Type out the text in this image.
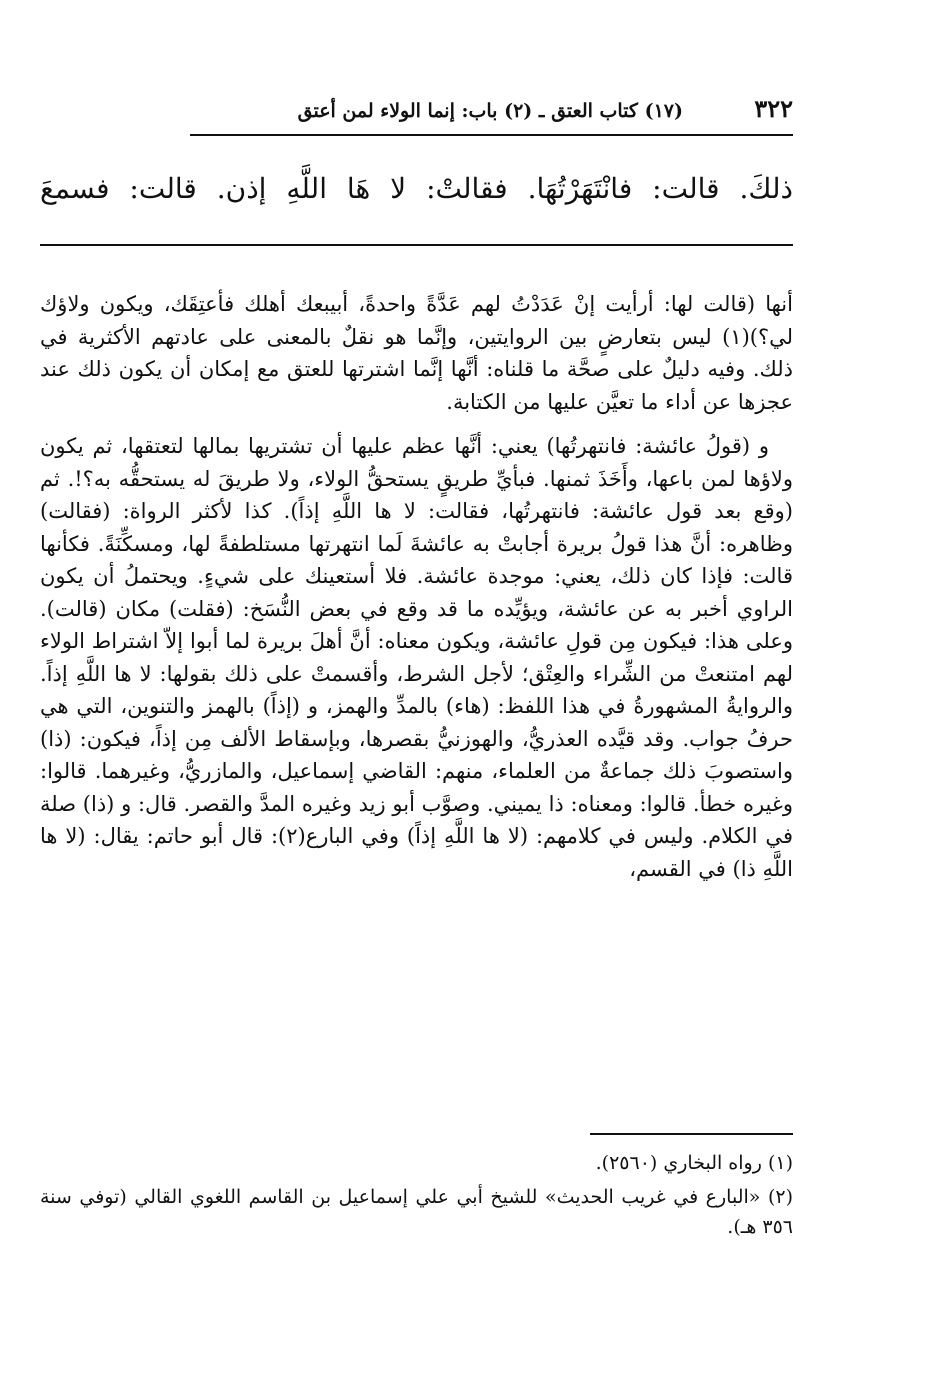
٣٢٢
(١٧) كتاب العتق ـ (٢) باب: إنما الولاء لمن أعتق
ذلكَ. قالت: فانْتَهَرْتُهَا. فقالتْ: لا هَا اللَّهِ إذن. قالت: فسمعَ

أنها (قالت لها: أرأيت إنْ عَدَدْتُ لهم عَدَّةً واحدةً، أبيبعك أهلك فأعتِقَك، ويكون ولاؤك لي؟)(١) ليس بتعارضٍ بين الروايتين، وإنَّما هو نقلٌ بالمعنى على عادتهم الأكثرية في ذلك. وفيه دليلٌ على صحَّة ما قلناه: أنَّها إنَّما اشترتها للعتق مع إمكان أن يكون ذلك عند عجزها عن أداء ما تعيَّن عليها من الكتابة.

و (قولُ عائشة: فانتهرتُها) يعني: أنَّها عظم عليها أن تشتريها بمالها لتعتقها، ثم يكون ولاؤها لمن باعها، وأَخَذَ ثمنها. فبأيِّ طريقٍ يستحقُّ الولاء، ولا طريقَ له يستحقُّه به؟!. ثم (وقع بعد قول عائشة: فانتهرتُها، فقالت: لا ها اللَّهِ إذاً). كذا لأكثر الرواة: (فقالت) وظاهره: أنَّ هذا قولُ بريرة أجابتْ به عائشةَ لَما انتهرتها مستلطفةً لها، ومسكِّنَةً. فكأنها قالت: فإذا كان ذلك، يعني: موجدة عائشة. فلا أستعينك على شيءٍ. ويحتملُ أن يكون الراوي أخبر به عن عائشة، ويؤيِّده ما قد وقع في بعض النُّسَخ: (فقلت) مكان (قالت). وعلى هذا: فيكون مِن قولِ عائشة، ويكون معناه: أنَّ أهلَ بريرة لما أبوا إلاّ اشتراط الولاء لهم امتنعتْ من الشِّراء والعِتْق؛ لأجل الشرط، وأقسمتْ على ذلك بقولها: لا ها اللَّهِ إذاً. والروايةُ المشهورةُ في هذا اللفظ: (هاء) بالمدِّ والهمز، و (إذاً) بالهمز والتنوين، التي هي حرفُ جواب. وقد قيَّده العذريُّ، والهوزنيُّ بقصرها، وبإسقاط الألف مِن إذاً، فيكون: (ذا) واستصوبَ ذلك جماعةٌ من العلماء، منهم: القاضي إسماعيل، والمازريُّ، وغيرهما. قالوا: وغيره خطأ. قالوا: ومعناه: ذا يميني. وصوَّب أبو زيد وغيره المدَّ والقصر. قال: و (ذا) صلة في الكلام. وليس في كلامهم: (لا ها اللَّهِ إذاً) وفي البارع(٢): قال أبو حاتم: يقال: (لا ها اللَّهِ ذا) في القسم،

(١) رواه البخاري (٢٥٦٠).

(٢) «البارع في غريب الحديث» للشيخ أبي علي إسماعيل بن القاسم اللغوي القالي (توفي سنة ٣٥٦ هـ).
